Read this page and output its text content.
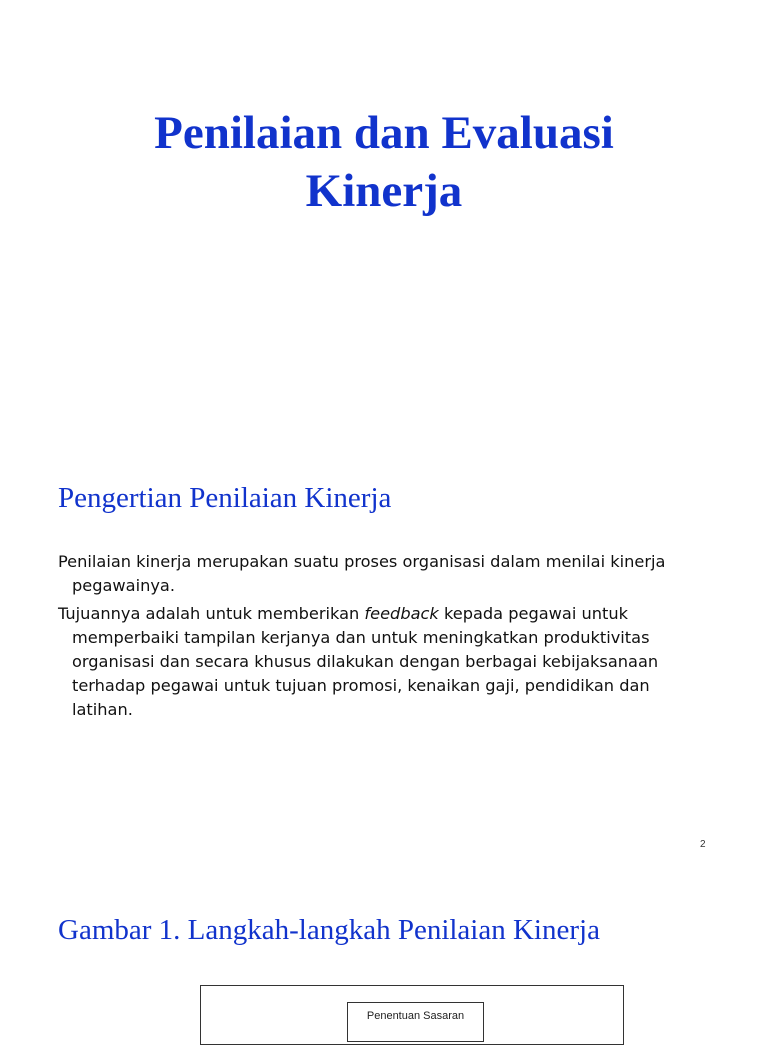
Penilaian dan Evaluasi
Kinerja
Pengertian Penilaian Kinerja

Penilaian kinerja merupakan suatu proses organisasi dalam menilai kinerja pegawainya.

Tujuannya adalah untuk memberikan feedback kepada pegawai untuk memperbaiki tampilan kerjanya dan untuk meningkatkan produktivitas organisasi dan secara khusus dilakukan dengan berbagai kebijaksanaan terhadap pegawai untuk tujuan promosi, kenaikan gaji, pendidikan dan latihan.

2
Gambar 1. Langkah-langkah Penilaian Kinerja
Penentuan Sasaran
